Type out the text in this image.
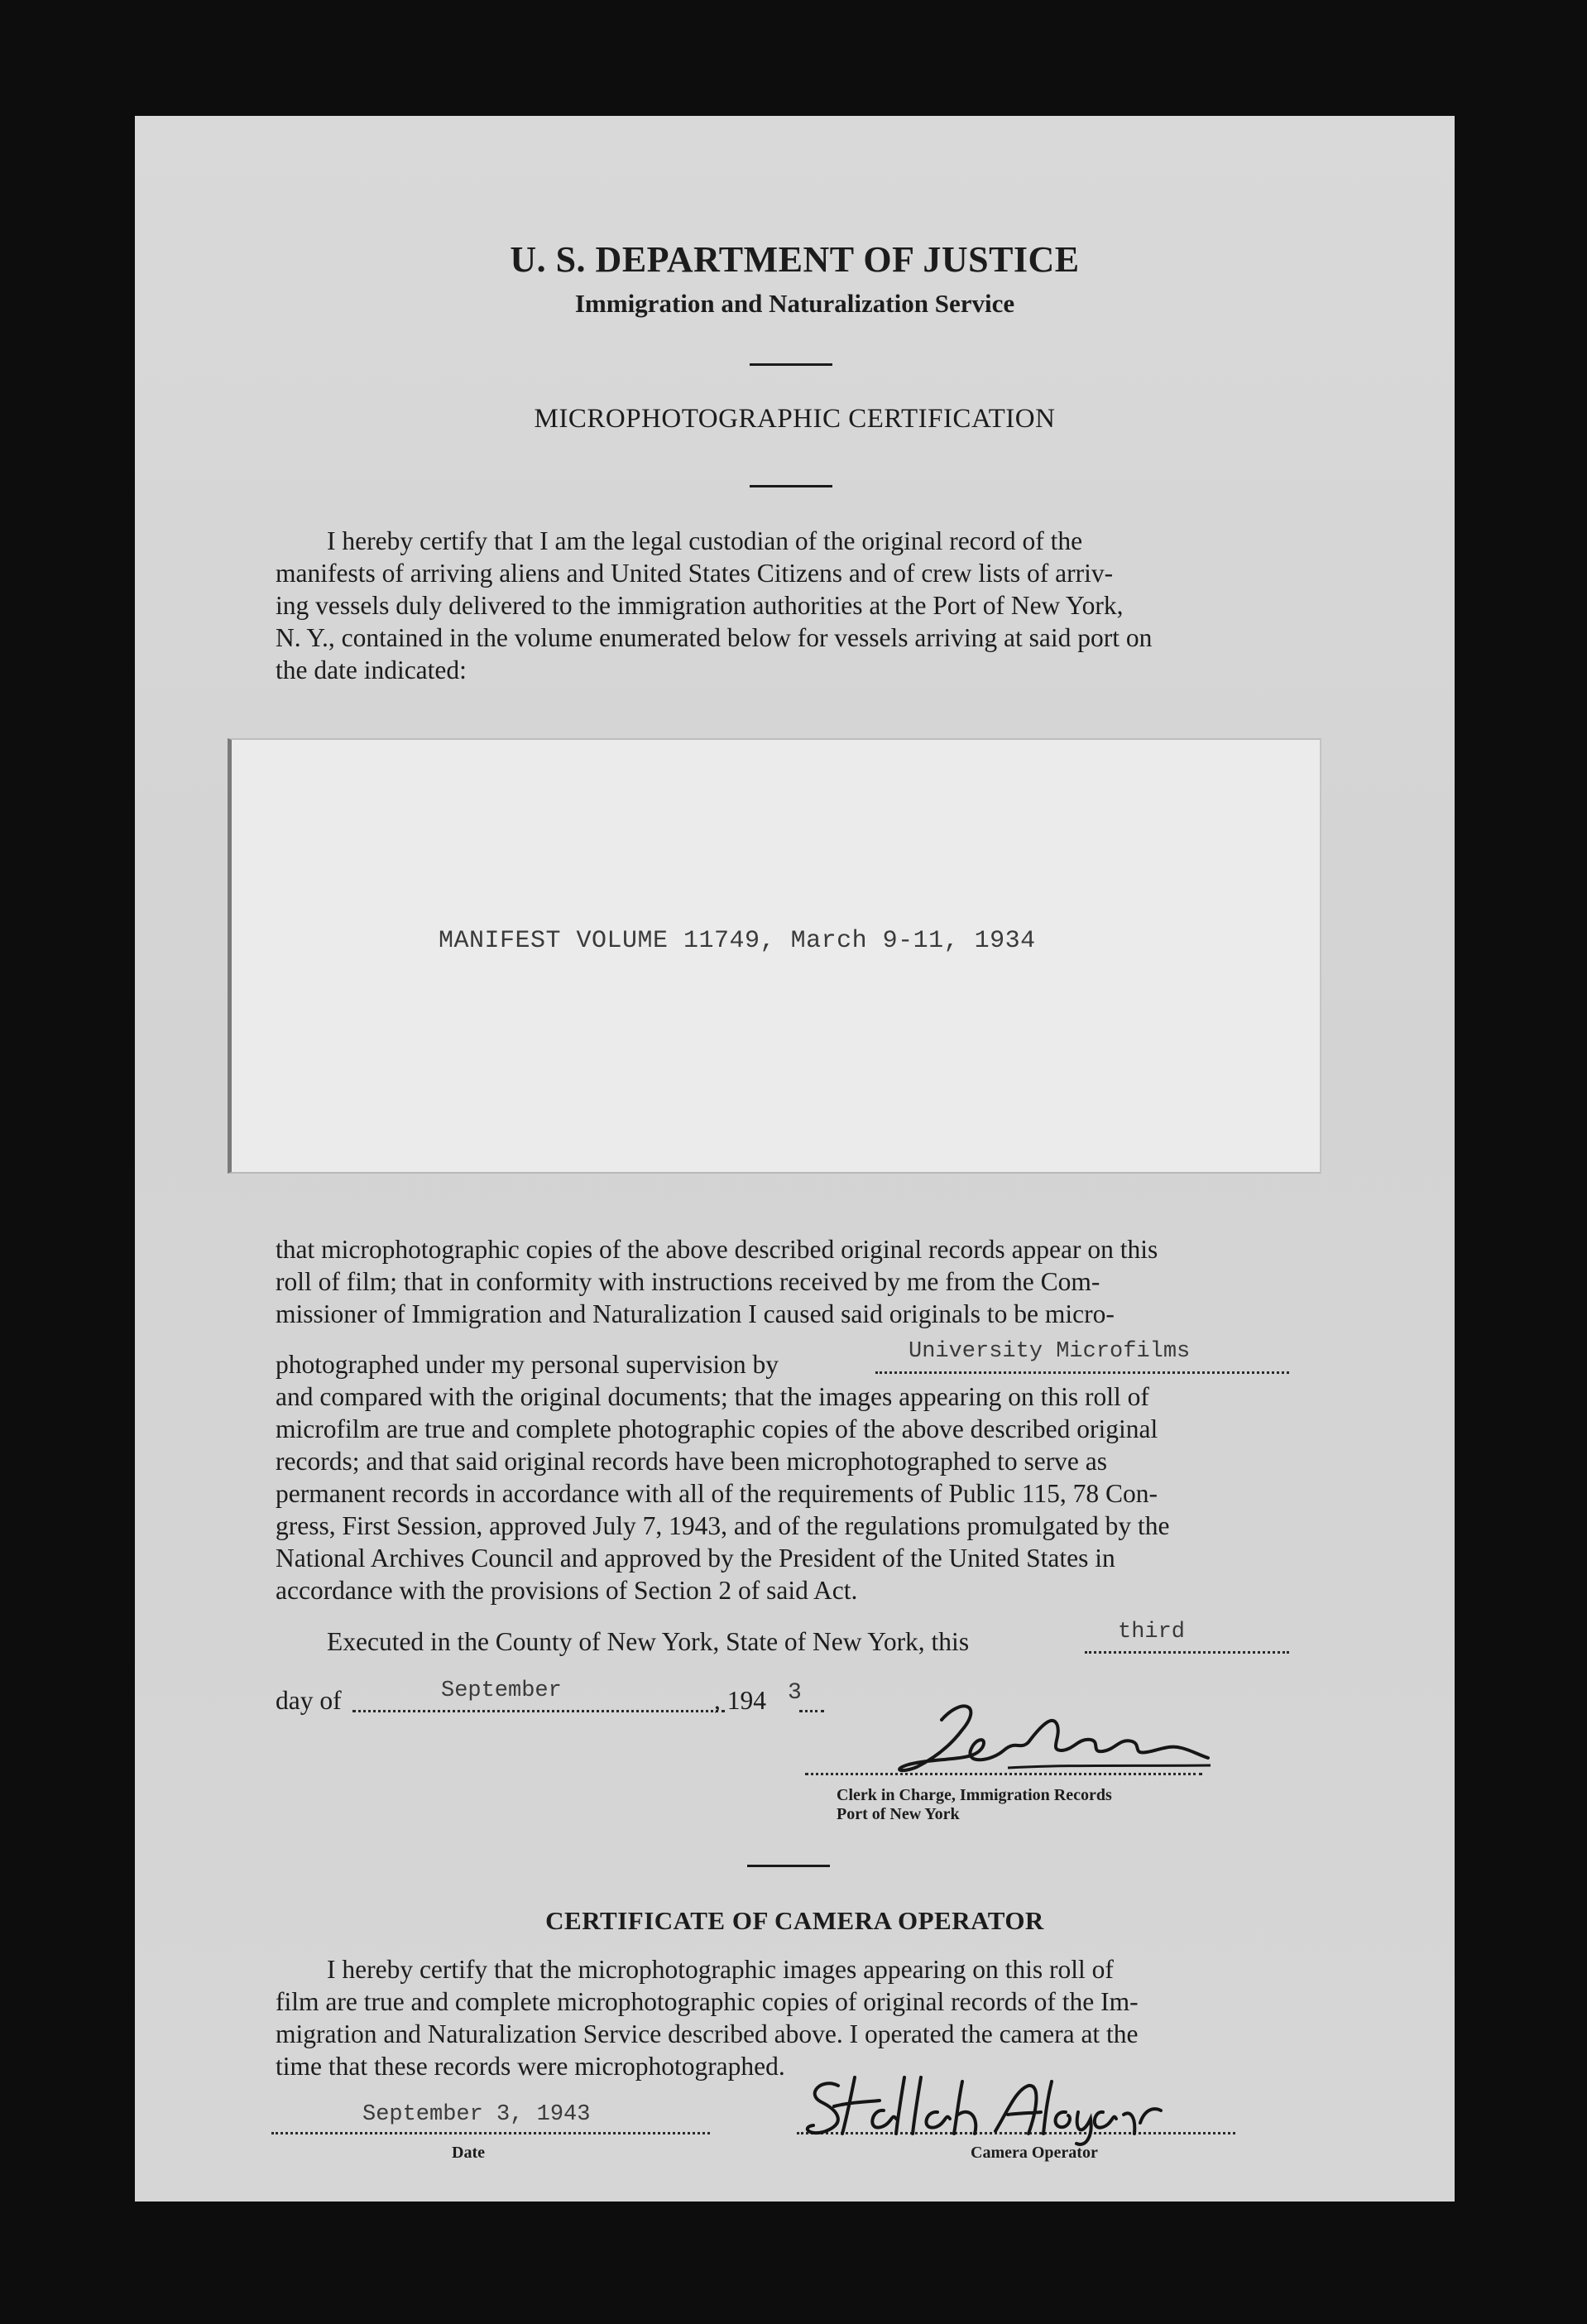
U. S. DEPARTMENT OF JUSTICE
Immigration and Naturalization Service
MICROPHOTOGRAPHIC CERTIFICATION

I hereby certify that I am the legal custodian of the original record of the

manifests of arriving aliens and United States Citizens and of crew lists of arriv-

ing vessels duly delivered to the immigration authorities at the Port of New York,

N. Y., contained in the volume enumerated below for vessels arriving at said port on

the date indicated:

MANIFEST VOLUME 11749, March 9-11, 1934

that microphotographic copies of the above described original records appear on this

roll of film; that in conformity with instructions received by me from the Com-

missioner of Immigration and Naturalization I caused said originals to be micro-

photographed under my personal supervision by	University Microfilms

and compared with the original documents; that the images appearing on this roll of

microfilm are true and complete photographic copies of the above described original

records; and that said original records have been microphotographed to serve as

permanent records in accordance with all of the requirements of Public 115, 78 Con-

gress, First Session, approved July 7, 1943, and of the regulations promulgated by the

National Archives Council and approved by the President of the United States in

accordance with the provisions of Section 2 of said Act.

Executed in the County of New York, State of New York, this	third
day of	September	, 194 3
Clerk in Charge, Immigration Records
Port of New York
CERTIFICATE OF CAMERA OPERATOR

I hereby certify that the microphotographic images appearing on this roll of

film are true and complete microphotographic copies of original records of the Im-

migration and Naturalization Service described above. I operated the camera at the

time that these records were microphotographed.

September 3, 1943
Date	Camera Operator
